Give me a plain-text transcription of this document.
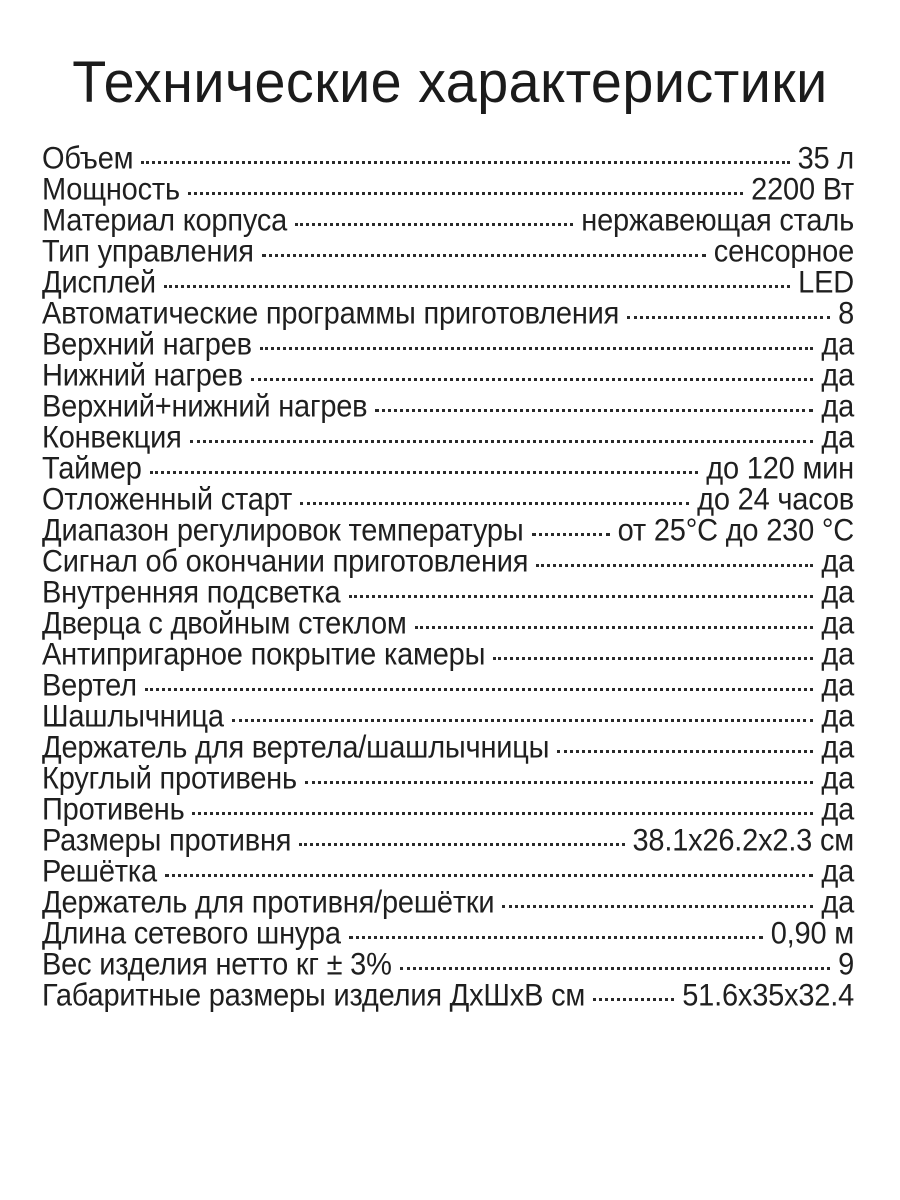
Технические характеристики
Объем	35 л
Мощность	2200 Вт
Материал корпуса	нержавеющая сталь
Тип управления	сенсорное
Дисплей	LED
Автоматические программы приготовления	8
Верхний нагрев	да
Нижний нагрев	да
Верхний+нижний нагрев	да
Конвекция	да
Таймер	до 120 мин
Отложенный старт	до 24 часов
Диапазон регулировок температуры	от 25°C до 230 °C
Сигнал об окончании приготовления	да
Внутренняя подсветка	да
Дверца с двойным стеклом	да
Антипригарное покрытие камеры	да
Вертел	да
Шашлычница	да
Держатель для вертела/шашлычницы	да
Круглый противень	да
Противень	да
Размеры противня	38.1x26.2x2.3 см
Решётка	да
Держатель для противня/решётки	да
Длина сетевого шнура	0,90 м
Вес изделия нетто кг ± 3%	9
Габаритные размеры изделия ДхШхВ см	51.6x35x32.4
